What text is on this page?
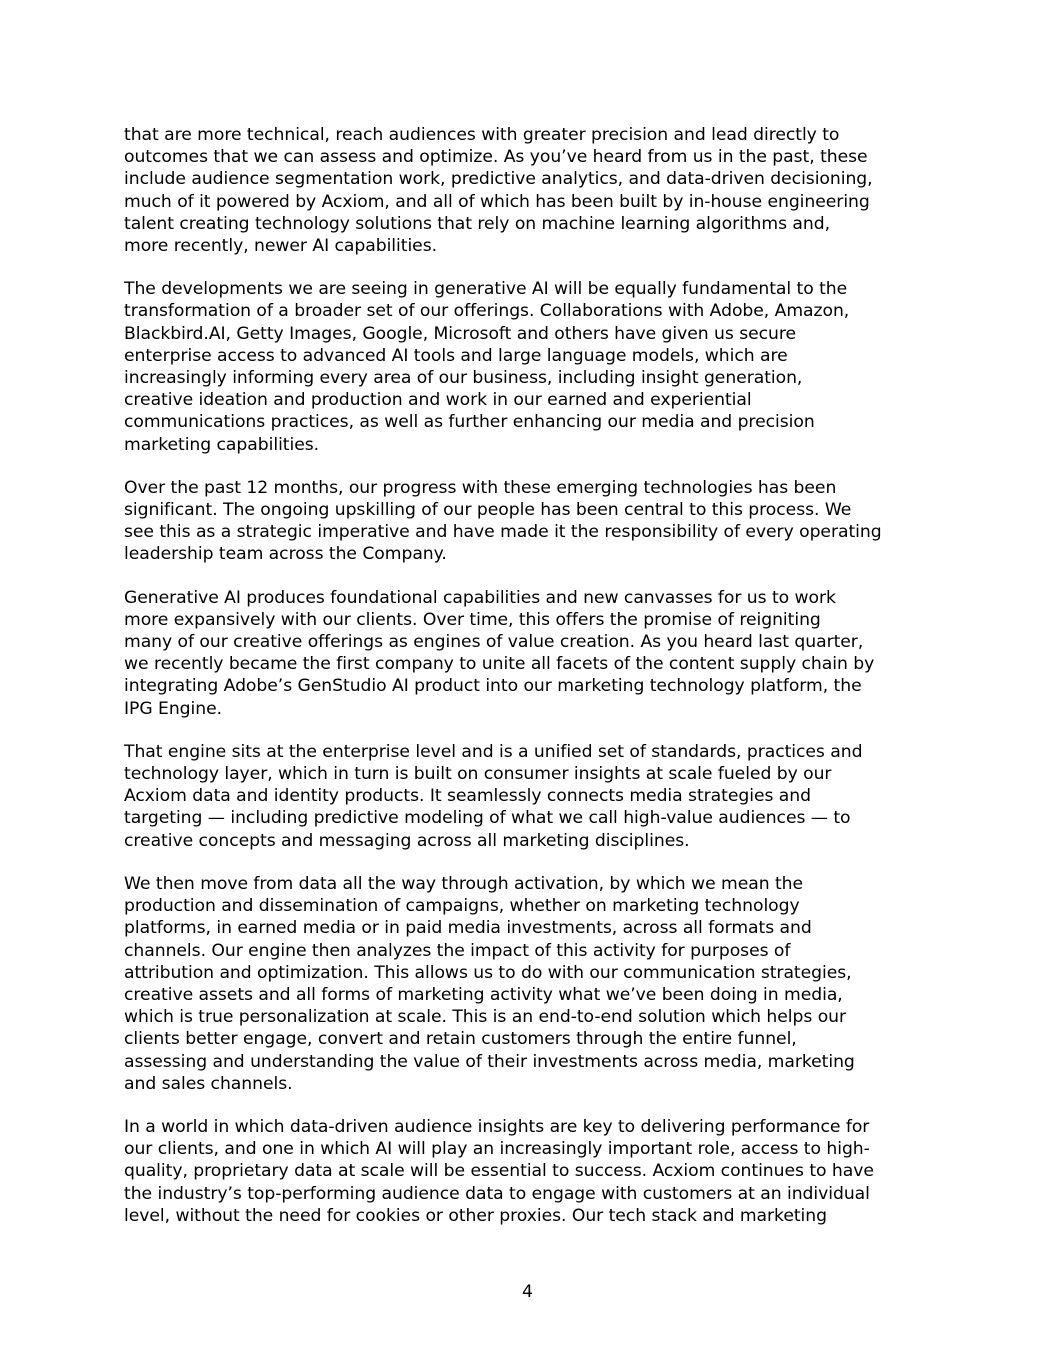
that are more technical, reach audiences with greater precision and lead directly to
outcomes that we can assess and optimize. As you’ve heard from us in the past, these
include audience segmentation work, predictive analytics, and data-driven decisioning,
much of it powered by Acxiom, and all of which has been built by in-house engineering
talent creating technology solutions that rely on machine learning algorithms and,
more recently, newer AI capabilities.

The developments we are seeing in generative AI will be equally fundamental to the
transformation of a broader set of our offerings. Collaborations with Adobe, Amazon,
Blackbird.AI, Getty Images, Google, Microsoft and others have given us secure
enterprise access to advanced AI tools and large language models, which are
increasingly informing every area of our business, including insight generation,
creative ideation and production and work in our earned and experiential
communications practices, as well as further enhancing our media and precision
marketing capabilities.

Over the past 12 months, our progress with these emerging technologies has been
significant. The ongoing upskilling of our people has been central to this process. We
see this as a strategic imperative and have made it the responsibility of every operating
leadership team across the Company.

Generative AI produces foundational capabilities and new canvasses for us to work
more expansively with our clients. Over time, this offers the promise of reigniting
many of our creative offerings as engines of value creation. As you heard last quarter,
we recently became the first company to unite all facets of the content supply chain by
integrating Adobe’s GenStudio AI product into our marketing technology platform, the
IPG Engine.

That engine sits at the enterprise level and is a unified set of standards, practices and
technology layer, which in turn is built on consumer insights at scale fueled by our
Acxiom data and identity products. It seamlessly connects media strategies and
targeting — including predictive modeling of what we call high-value audiences — to
creative concepts and messaging across all marketing disciplines.

We then move from data all the way through activation, by which we mean the
production and dissemination of campaigns, whether on marketing technology
platforms, in earned media or in paid media investments, across all formats and
channels. Our engine then analyzes the impact of this activity for purposes of
attribution and optimization. This allows us to do with our communication strategies,
creative assets and all forms of marketing activity what we’ve been doing in media,
which is true personalization at scale. This is an end-to-end solution which helps our
clients better engage, convert and retain customers through the entire funnel,
assessing and understanding the value of their investments across media, marketing
and sales channels.

In a world in which data-driven audience insights are key to delivering performance for
our clients, and one in which AI will play an increasingly important role, access to high-
quality, proprietary data at scale will be essential to success. Acxiom continues to have
the industry’s top-performing audience data to engage with customers at an individual
level, without the need for cookies or other proxies. Our tech stack and marketing

4
